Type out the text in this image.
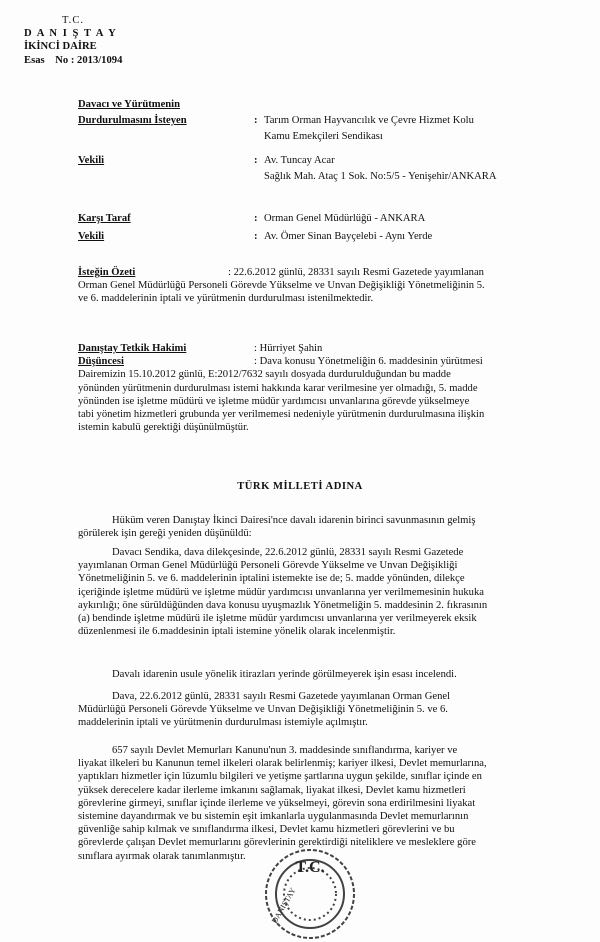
T.C.
D A N I Ş T A Y
İKİNCİ DAİRE
Esas No : 2013/1094
Davacı ve Yürütmenin
Durdurulmasını İsteyen	: Tarım Orman Hayvancılık ve Çevre Hizmet Kolu
Kamu Emekçileri Sendikası
Vekili	: Av. Tuncay Acar
Sağlık Mah. Ataç 1 Sok. No:5/5 - Yenişehir/ANKARA
Karşı Taraf	: Orman Genel Müdürlüğü - ANKARA
Vekili	: Av. Ömer Sinan Bayçelebi - Aynı Yerde
İsteğin Özeti	: 22.6.2012 günlü, 28331 sayılı Resmi Gazetede yayımlanan
Orman Genel Müdürlüğü Personeli Görevde Yükselme ve Unvan Değişikliği Yönetmeliğinin 5.
ve 6. maddelerinin iptali ve yürütmenin durdurulması istenilmektedir.
Danıştay Tetkik Hakimi	: Hürriyet Şahin
Düşüncesi	: Dava konusu Yönetmeliğin 6. maddesinin yürütmesi
Dairemizin 15.10.2012 günlü, E:2012/7632 sayılı dosyada durdurulduğundan bu madde
yönünden yürütmenin durdurulması istemi hakkında karar verilmesine yer olmadığı, 5. madde
yönünden ise işletme müdürü ve işletme müdür yardımcısı unvanlarına görevde yükselmeye
tabi yönetim hizmetleri grubunda yer verilmemesi nedeniyle yürütmenin durdurulmasına ilişkin
istemin kabulü gerektiği düşünülmüştür.
TÜRK MİLLETİ ADINA
Hüküm veren Danıştay İkinci Dairesi'nce davalı idarenin birinci savunmasının gelmiş
görülerek işin gereği yeniden düşünüldü:
Davacı Sendika, dava dilekçesinde, 22.6.2012 günlü, 28331 sayılı Resmi Gazetede
yayımlanan Orman Genel Müdürlüğü Personeli Görevde Yükselme ve Unvan Değişikliği
Yönetmeliğinin 5. ve 6. maddelerinin iptalini istemekte ise de; 5. madde yönünden, dilekçe
içeriğinde işletme müdürü ve işletme müdür yardımcısı unvanlarına yer verilmemesinin hukuka
aykırılığı; öne sürüldüğünden dava konusu uyuşmazlık Yönetmeliğin 5. maddesinin 2. fıkrasının
(a) bendinde işletme müdürü ile işletme müdür yardımcısı unvanlarına yer verilmeyerek eksik
düzenlenmesi ile 6.maddesinin iptali istemine yönelik olarak incelenmiştir.
Davalı idarenin usule yönelik itirazları yerinde görülmeyerek işin esası incelendi.
Dava, 22.6.2012 günlü, 28331 sayılı Resmi Gazetede yayımlanan Orman Genel
Müdürlüğü Personeli Görevde Yükselme ve Unvan Değişikliği Yönetmeliğinin 5. ve 6.
maddelerinin iptali ve yürütmenin durdurulması istemiyle açılmıştır.
657 sayılı Devlet Memurları Kanunu'nun 3. maddesinde sınıflandırma, kariyer ve
liyakat ilkeleri bu Kanunun temel ilkeleri olarak belirlenmiş; kariyer ilkesi, Devlet memurlarına,
yaptıkları hizmetler için lüzumlu bilgileri ve yetişme şartlarına uygun şekilde, sınıflar içinde en
yüksek derecelere kadar ilerleme imkanını sağlamak, liyakat ilkesi, Devlet kamu hizmetleri
görevlerine girmeyi, sınıflar içinde ilerleme ve yükselmeyi, görevin sona erdirilmesini liyakat
sistemine dayandırmak ve bu sistemin eşit imkanlarla uygulanmasında Devlet memurlarının
güvenliğe sahip kılmak ve sınıflandırma ilkesi, Devlet kamu hizmetleri görevlerini ve bu
görevlerde çalışan Devlet memurlarını görevlerinin gerektirdiği niteliklere ve mesleklere göre
sınıflara ayırmak olarak tanımlanmıştır.
T.C.
DANIŞTAY
